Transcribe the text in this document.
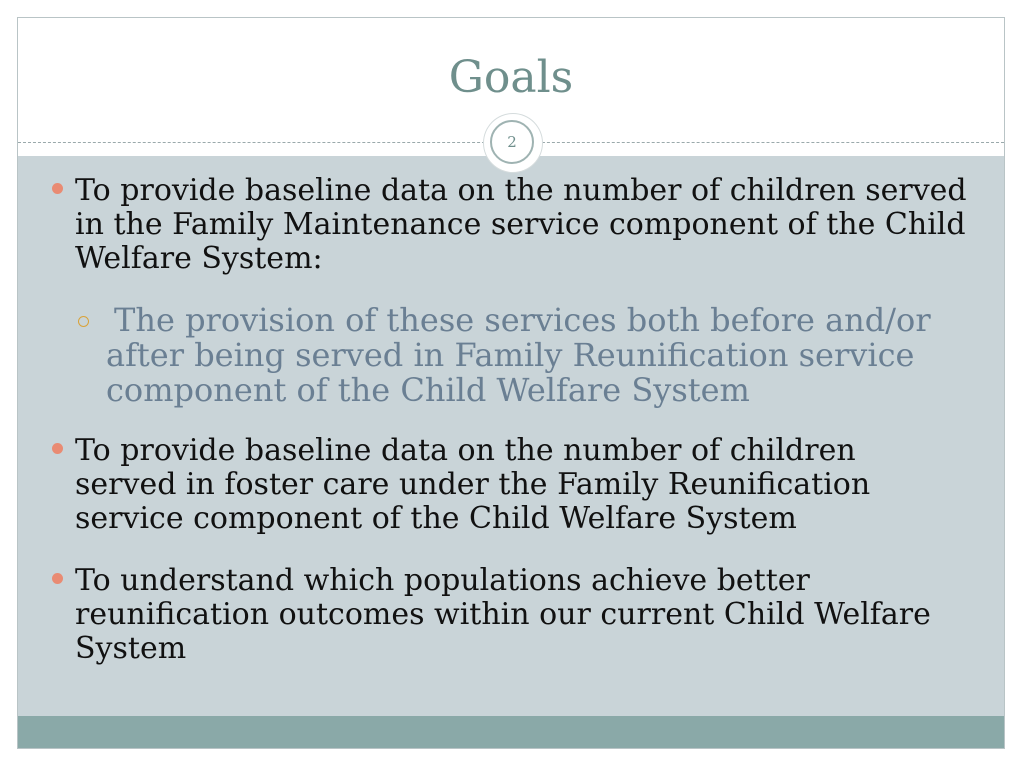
Goals
To provide baseline data on the number of children served in the Family Maintenance service component of the Child Welfare System:
The provision of these services both before and/or after being served in Family Reunification service component of the Child Welfare System
To provide baseline data on the number of children served in foster care under the Family Reunification service component of the Child Welfare System
To understand which populations achieve better reunification outcomes within our current Child Welfare System
2
